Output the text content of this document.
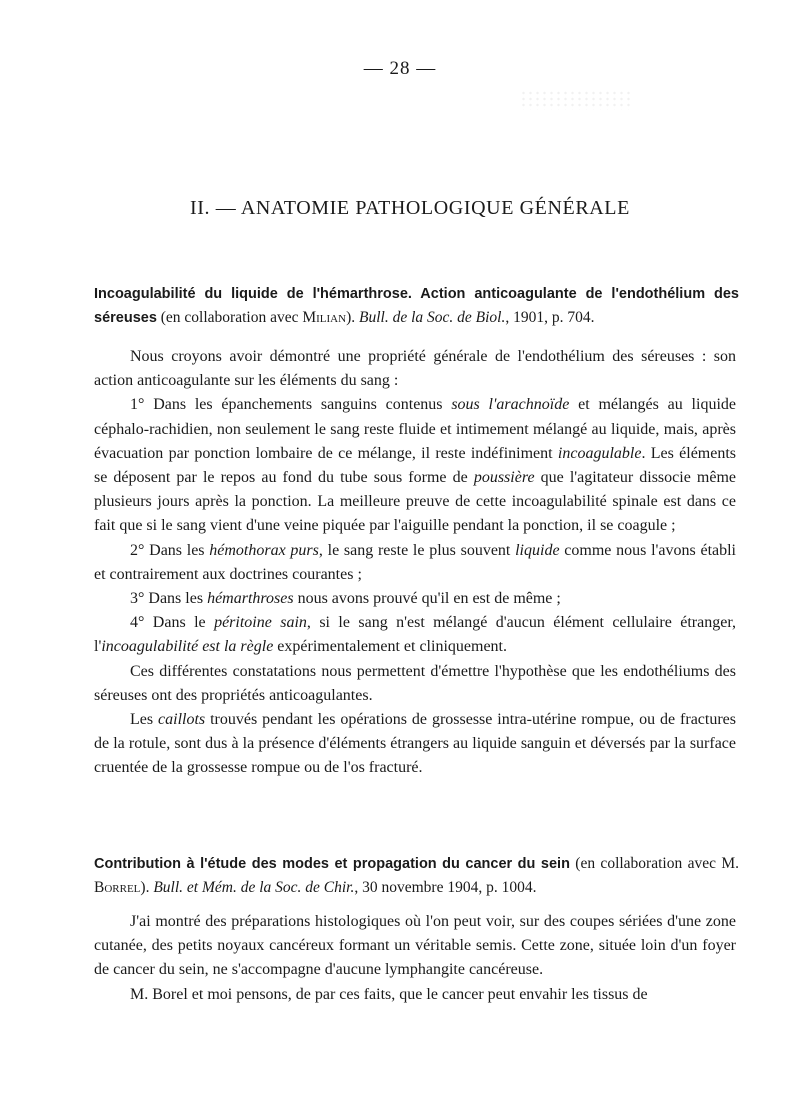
— 28 —
II. — ANATOMIE PATHOLOGIQUE GÉNÉRALE
Incoagulabilité du liquide de l'hémarthrose. Action anticoagulante de l'endothélium des séreuses (en collaboration avec Milian). Bull. de la Soc. de Biol., 1901, p. 704.

Nous croyons avoir démontré une propriété générale de l'endothélium des séreuses : son action anticoagulante sur les éléments du sang :

1° Dans les épanchements sanguins contenus sous l'arachnoïde et mélangés au liquide céphalo-rachidien, non seulement le sang reste fluide et intimement mélangé au liquide, mais, après évacuation par ponction lombaire de ce mélange, il reste indéfiniment incoagulable. Les éléments se déposent par le repos au fond du tube sous forme de poussière que l'agitateur dissocie même plusieurs jours après la ponction. La meilleure preuve de cette incoagulabilité spinale est dans ce fait que si le sang vient d'une veine piquée par l'aiguille pendant la ponction, il se coagule ;

2° Dans les hémothorax purs, le sang reste le plus souvent liquide comme nous l'avons établi et contrairement aux doctrines courantes ;

3° Dans les hémarthroses nous avons prouvé qu'il en est de même ;

4° Dans le péritoine sain, si le sang n'est mélangé d'aucun élément cellulaire étranger, l'incoagulabilité est la règle expérimentalement et cliniquement.

Ces différentes constatations nous permettent d'émettre l'hypothèse que les endothéliums des séreuses ont des propriétés anticoagulantes.

Les caillots trouvés pendant les opérations de grossesse intra-utérine rompue, ou de fractures de la rotule, sont dus à la présence d'éléments étrangers au liquide sanguin et déversés par la surface cruentée de la grossesse rompue ou de l'os fracturé.

Contribution à l'étude des modes et propagation du cancer du sein (en collaboration avec M. Borrel). Bull. et Mém. de la Soc. de Chir., 30 novembre 1904, p. 1004.

J'ai montré des préparations histologiques où l'on peut voir, sur des coupes sériées d'une zone cutanée, des petits noyaux cancéreux formant un véritable semis. Cette zone, située loin d'un foyer de cancer du sein, ne s'accompagne d'aucune lymphangite cancéreuse.

M. Borel et moi pensons, de par ces faits, que le cancer peut envahir les tissus de
